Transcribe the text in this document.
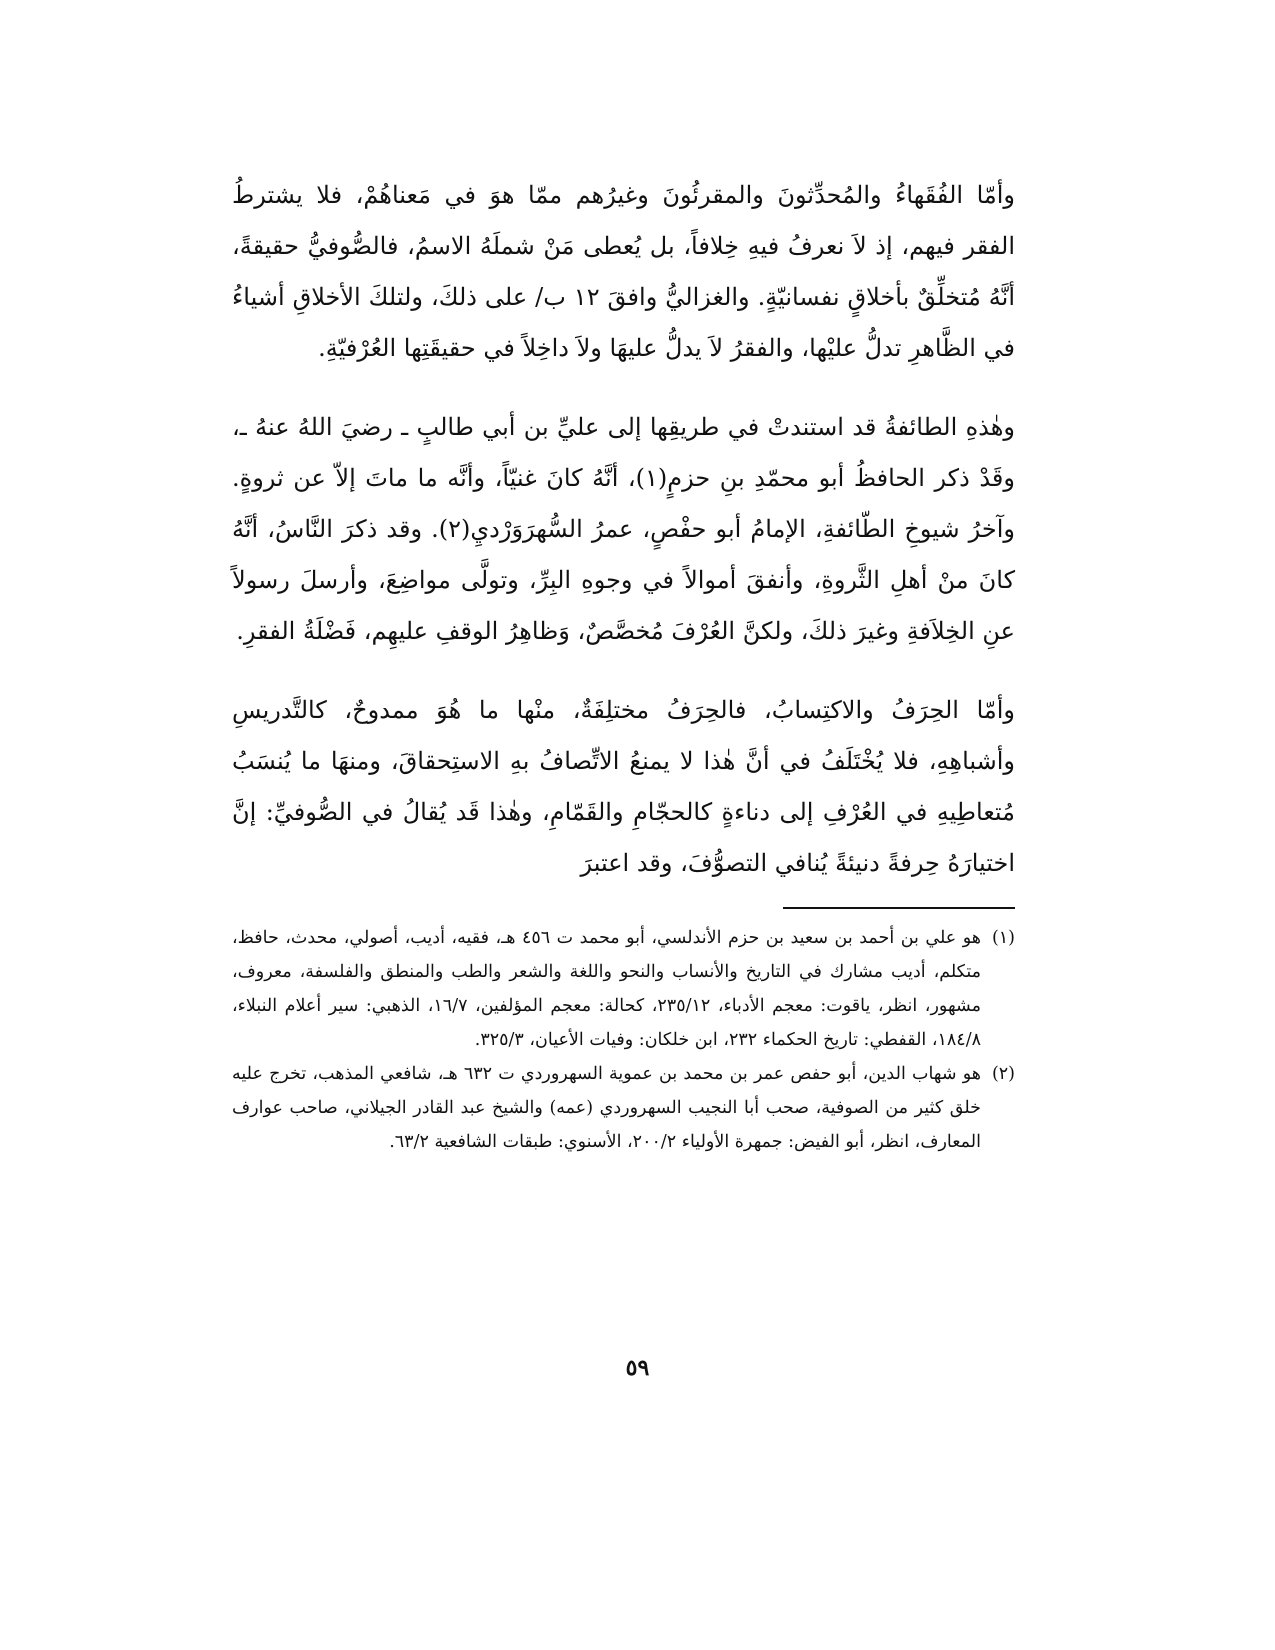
وأمّا الفُقَهاءُ والمُحدِّثونَ والمقرئُونَ وغيرُهم ممّا هوَ في مَعناهُمْ، فلا يشترطُ الفقر فيهم، إذ لاَ نعرفُ فيهِ خِلافاً، بل يُعطى مَنْ شملَهُ الاسمُ، فالصُّوفيُّ حقيقةً، أنَّهُ مُتخلِّقٌ بأخلاقٍ نفسانيّةٍ. والغزاليُّ وافقَ ١٢ ب/ على ذلكَ، ولتلكَ الأخلاقِ أشياءُ في الظَّاهرِ تدلُّ عليْها، والفقرُ لاَ يدلُّ عليهَا ولاَ داخِلاً في حقيقَتِها العُرْفيّةِ.

وهٰذهِ الطائفةُ قد استندتْ في طريقِها إلى عليِّ بن أبي طالبٍ ـ رضيَ اللهُ عنهُ ـ، وقَدْ ذكر الحافظُ أبو محمّدِ بنِ حزمٍ(١)، أنَّهُ كانَ غنيّاً، وأنَّه ما ماتَ إلاّ عن ثروةٍ. وآخرُ شيوخِ الطّائفةِ، الإمامُ أبو حفْصٍ، عمرُ السُّهرَوَرْديِ(٢). وقد ذكرَ النَّاسُ، أنَّهُ كانَ منْ أهلِ الثَّروةِ، وأنفقَ أموالاً في وجوهِ البِرِّ، وتولَّى مواضِعَ، وأرسلَ رسولاً عنِ الخِلاَفةِ وغيرَ ذلكَ، ولكنَّ العُرْفَ مُخصَّصٌ، وَظاهِرُ الوقفِ عليهِم، فَضْلَةُ الفقرِ.

وأمّا الحِرَفُ والاكتِسابُ، فالحِرَفُ مختلِفَةٌ، منْها ما هُوَ ممدوحٌ، كالتَّدريسِ وأشباهِهِ، فلا يُخْتَلَفُ في أنَّ هٰذا لا يمنعُ الاتِّصافُ بهِ الاستِحقاقَ، ومنهَا ما يُنسَبُ مُتعاطِيهِ في العُرْفِ إلى دناءةٍ كالحجّامِ والقَمّامِ، وهٰذا قَد يُقالُ في الصُّوفيِّ: إنَّ اختيارَهُ حِرفةً دنيئةً يُنافي التصوُّفَ، وقد اعتبرَ

(١)
هو علي بن أحمد بن سعيد بن حزم الأندلسي، أبو محمد ت ٤٥٦ هـ، فقيه، أديب، أصولي، محدث، حافظ، متكلم، أديب مشارك في التاريخ والأنساب والنحو واللغة والشعر والطب والمنطق والفلسفة، معروف، مشهور، انظر، ياقوت: معجم الأدباء، ٢٣٥/١٢، كحالة: معجم المؤلفين، ١٦/٧، الذهبي: سير أعلام النبلاء، ١٨٤/٨، القفطي: تاريخ الحكماء ٢٣٢، ابن خلكان: وفيات الأعيان، ٣٢٥/٣.
(٢)
هو شهاب الدين، أبو حفص عمر بن محمد بن عموية السهروردي ت ٦٣٢ هـ، شافعي المذهب، تخرج عليه خلق كثير من الصوفية، صحب أبا النجيب السهروردي (عمه) والشيخ عبد القادر الجيلاني، صاحب عوارف المعارف، انظر، أبو الفيض: جمهرة الأولياء ٢٠٠/٢، الأسنوي: طبقات الشافعية ٦٣/٢.
٥٩
